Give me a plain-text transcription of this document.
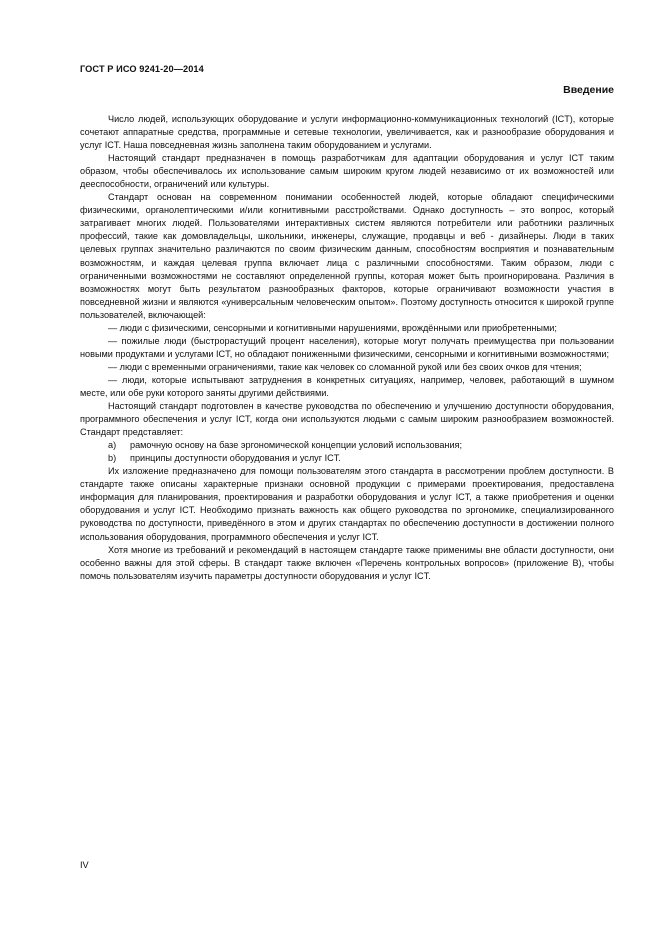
ГОСТ Р ИСО 9241-20—2014
Введение

Число людей, использующих оборудование и услуги информационно-коммуникационных технологий (ICT), которые сочетают аппаратные средства, программные и сетевые технологии, увеличивается, как и разнообразие оборудования и услуг ICT. Наша повседневная жизнь заполнена таким оборудованием и услугами.

Настоящий стандарт предназначен в помощь разработчикам для адаптации оборудования и услуг ICT таким образом, чтобы обеспечивалось их использование самым широким кругом людей независимо от их возможностей или дееспособности, ограничений или культуры.

Стандарт основан на современном понимании особенностей людей, которые обладают специфическими физическими, органолептическими и/или когнитивными расстройствами. Однако доступность – это вопрос, который затрагивает многих людей. Пользователями интерактивных систем являются потребители или работники различных профессий, такие как домовладельцы, школьники, инженеры, служащие, продавцы и веб - дизайнеры. Люди в таких целевых группах значительно различаются по своим физическим данным, способностям восприятия и познавательным возможностям, и каждая целевая группа включает лица с различными способностями. Таким образом, люди с ограниченными возможностями не составляют определенной группы, которая может быть проигнорирована. Различия в возможностях могут быть результатом разнообразных факторов, которые ограничивают возможности участия в повседневной жизни и являются «универсальным человеческим опытом». Поэтому доступность относится к широкой группе пользователей, включающей:

— люди с физическими, сенсорными и когнитивными нарушениями, врождёнными или приобретенными;

— пожилые люди (быстрорастущий процент населения), которые могут получать преимущества при пользовании новыми продуктами и услугами ICT, но обладают пониженными физическими, сенсорными и когнитивными возможностями;

— люди с временными ограничениями, такие как человек со сломанной рукой или без своих очков для чтения;

— люди, которые испытывают затруднения в конкретных ситуациях, например, человек, работающий в шумном месте, или обе руки которого заняты другими действиями.

Настоящий стандарт подготовлен в качестве руководства по обеспечению и улучшению доступности оборудования, программного обеспечения и услуг ICT, когда они используются людьми с самым широким разнообразием возможностей. Стандарт представляет:

a) рамочную основу на базе эргономической концепции условий использования;

b) принципы доступности оборудования и услуг ICT.

Их изложение предназначено для помощи пользователям этого стандарта в рассмотрении проблем доступности. В стандарте также описаны характерные признаки основной продукции с примерами проектирования, предоставлена информация для планирования, проектирования и разработки оборудования и услуг ICT, а также приобретения и оценки оборудования и услуг ICT. Необходимо признать важность как общего руководства по эргономике, специализированного руководства по доступности, приведённого в этом и других стандартах по обеспечению доступности в достижении полного использования оборудования, программного обеспечения и услуг ICT.

Хотя многие из требований и рекомендаций в настоящем стандарте также применимы вне области доступности, они особенно важны для этой сферы. В стандарт также включен «Перечень контрольных вопросов» (приложение B), чтобы помочь пользователям изучить параметры доступности оборудования и услуг ICT.

IV
